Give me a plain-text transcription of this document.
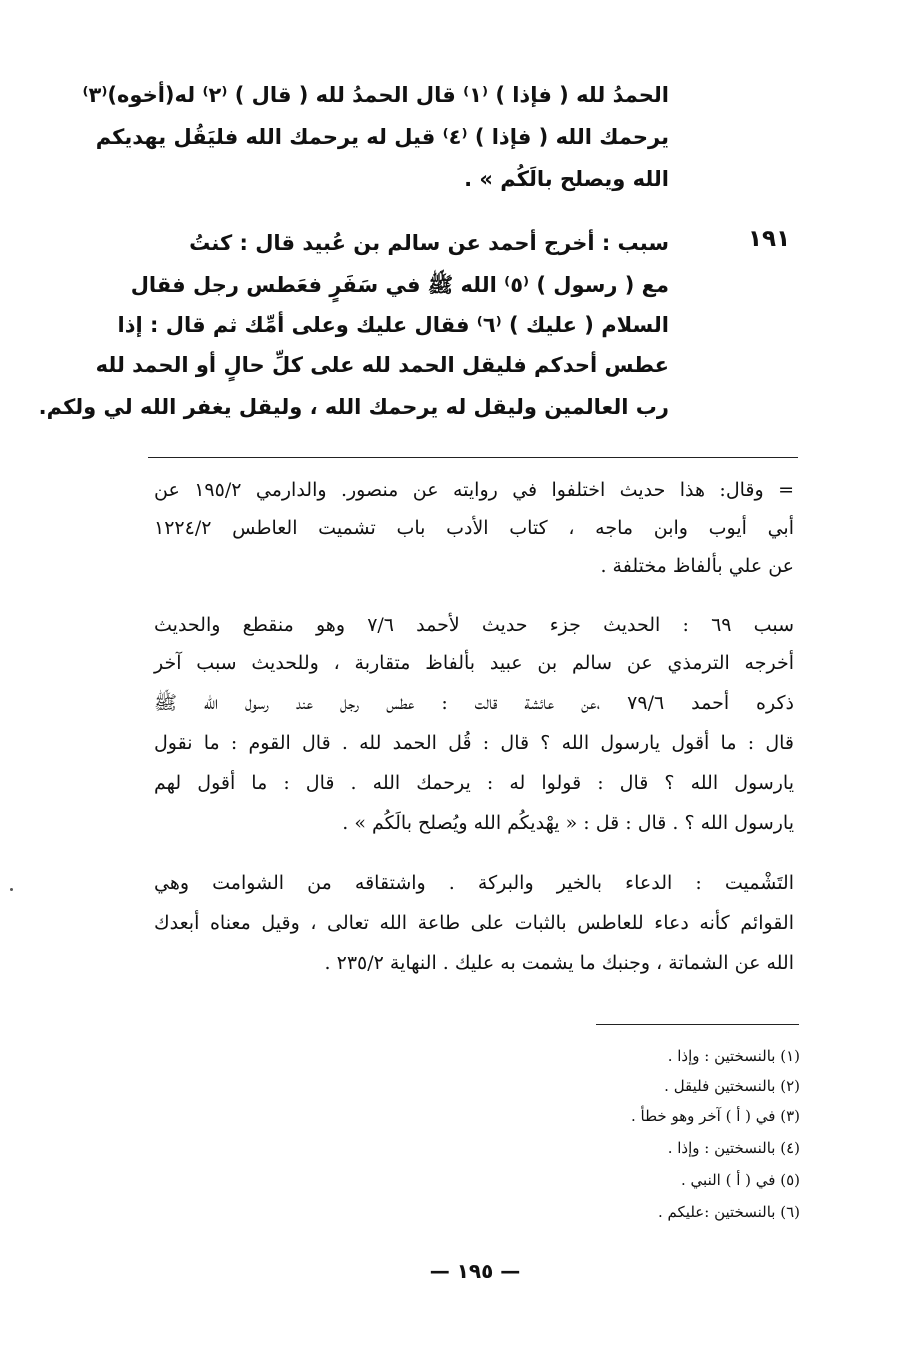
الحمدُ لله ( فإذا ) ⁽١⁾ قال الحمدُ لله ( قال ) ⁽٢⁾ له(أخوه)⁽٣⁾
يرحمك الله ( فإذا ) ⁽٤⁾ قيل له يرحمك الله فليَقُل يهديكم
الله ويصلح بالَكُم » .
سبب : أخرج أحمد عن سالم بن عُبيد قال : كنتُ
مع ( رسول ) ⁽٥⁾ الله ﷺ في سَفَرٍ فعَطس رجل فقال
السلام ( عليك ) ⁽٦⁾ فقال عليك وعلى أمِّك ثم قال : إذا
عطس أحدكم فليقل الحمد لله على كلِّ حالٍ أو الحمد لله
رب العالمين وليقل له يرحمك الله ، وليقل يغفر الله لي ولكم.
١٩١
= وقال: هذا حديث اختلفوا في روايته عن منصور. والدارمي ١٩٥/٢ عن
أبي أيوب وابن ماجه ، كتاب الأدب باب تشميت العاطس ١٢٢٤/٢
عن علي بألفاظ مختلفة .
سبب ٦٩ : الحديث جزء حديث لأحمد ٧/٦ وهو منقطع والحديث
أخرجه الترمذي عن سالم بن عبيد بألفاظ متقاربة ، وللحديث سبب آخر
ذكره أحمد ٧٩/٦ ،عن عائشة قالت : عطس رجل عند رسول الله ﷺ
قال : ما أقول يارسول الله ؟ قال : قُل الحمد لله . قال القوم : ما نقول
يارسول الله ؟ قال : قولوا له : يرحمك الله . قال : ما أقول لهم
يارسول الله ؟ . قال : قل : « يهْديكُم الله ويُصلح بالَكُم » .
التَشْميت : الدعاء بالخير والبركة . واشتقاقه من الشوامت وهي
القوائم كأنه دعاء للعاطس بالثبات على طاعة الله تعالى ، وقيل معناه أبعدك
الله عن الشماتة ، وجنبك ما يشمت به عليك . النهاية ٢٣٥/٢ .
(١) بالنسختين : وإذا .
(٢) بالنسختين فليقل .
(٣) في ( أ ) آخر وهو خطأ .
(٤) بالنسختين : وإذا .
(٥) في ( أ ) النبي .
(٦) بالنسختين :عليكم .
— ١٩٥ —
